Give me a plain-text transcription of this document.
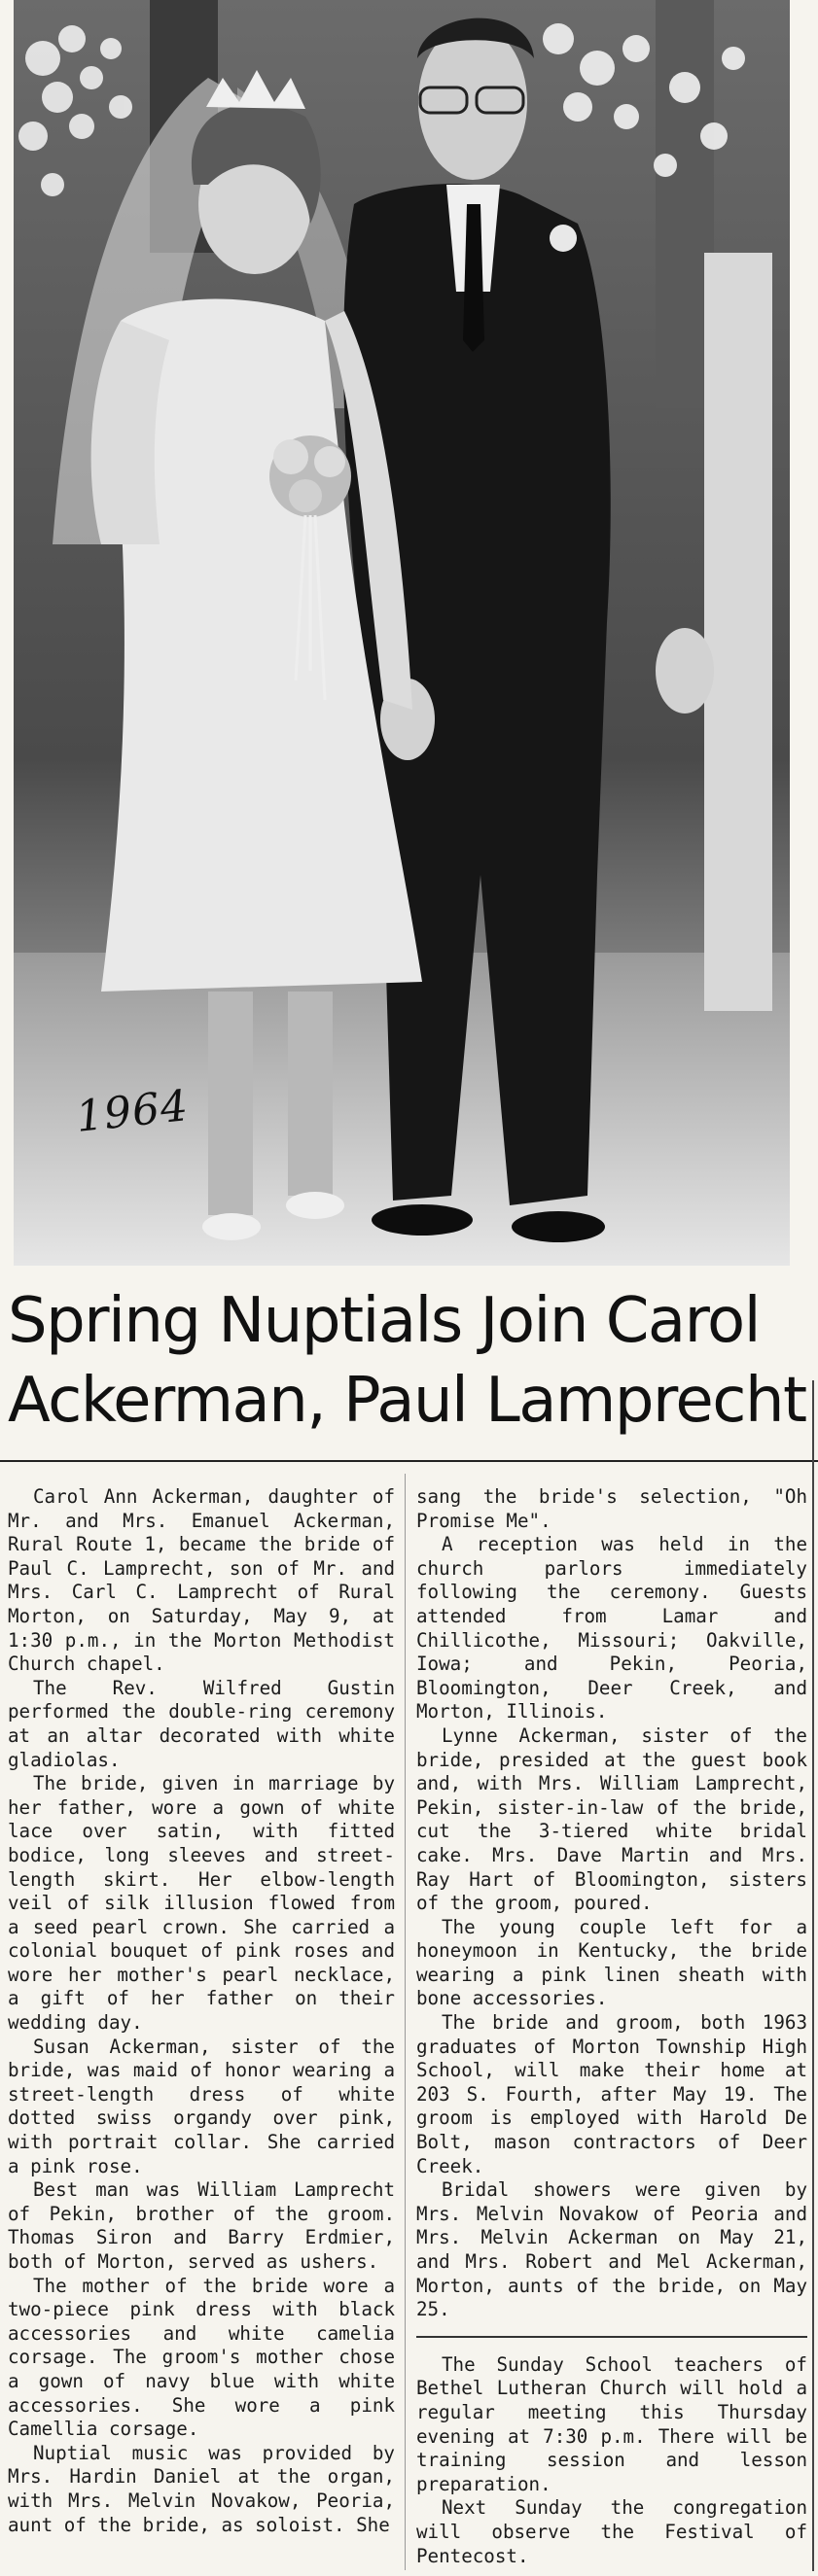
1964
Spring Nuptials Join Carol
Ackerman, Paul Lamprecht

Carol Ann Ackerman, daughter of Mr. and Mrs. Emanuel Ackerman, Rural Route 1, became the bride of Paul C. Lamprecht, son of Mr. and Mrs. Carl C. Lamprecht of Rural Morton, on Saturday, May 9, at 1:30 p.m., in the Morton Methodist Church chapel.

The Rev. Wilfred Gustin performed the double-ring ceremony at an altar decorated with white gladiolas.

The bride, given in marriage by her father, wore a gown of white lace over satin, with fitted bodice, long sleeves and street-length skirt. Her elbow-length veil of silk illusion flowed from a seed pearl crown. She carried a colonial bouquet of pink roses and wore her mother's pearl necklace, a gift of her father on their wedding day.

Susan Ackerman, sister of the bride, was maid of honor wearing a street-length dress of white dotted swiss organdy over pink, with portrait collar. She carried a pink rose.

Best man was William Lamprecht of Pekin, brother of the groom. Thomas Siron and Barry Erdmier, both of Morton, served as ushers.

The mother of the bride wore a two-piece pink dress with black accessories and white camelia corsage. The groom's mother chose a gown of navy blue with white accessories. She wore a pink Camellia corsage.

Nuptial music was provided by Mrs. Hardin Daniel at the organ, with Mrs. Melvin Novakow, Peoria, aunt of the bride, as soloist. She

sang the bride's selection, "Oh Promise Me".

A reception was held in the church parlors immediately following the ceremony. Guests attended from Lamar and Chillicothe, Missouri; Oakville, Iowa; and Pekin, Peoria, Bloomington, Deer Creek, and Morton, Illinois.

Lynne Ackerman, sister of the bride, presided at the guest book and, with Mrs. William Lamprecht, Pekin, sister-in-law of the bride, cut the 3-tiered white bridal cake. Mrs. Dave Martin and Mrs. Ray Hart of Bloomington, sisters of the groom, poured.

The young couple left for a honeymoon in Kentucky, the bride wearing a pink linen sheath with bone accessories.

The bride and groom, both 1963 graduates of Morton Township High School, will make their home at 203 S. Fourth, after May 19. The groom is employed with Harold De Bolt, mason contractors of Deer Creek.

Bridal showers were given by Mrs. Melvin Novakow of Peoria and Mrs. Melvin Ackerman on May 21, and Mrs. Robert and Mel Ackerman, Morton, aunts of the bride, on May 25.

The Sunday School teachers of Bethel Lutheran Church will hold a regular meeting this Thursday evening at 7:30 p.m. There will be training session and lesson preparation.

Next Sunday the congregation will observe the Festival of Pentecost.
